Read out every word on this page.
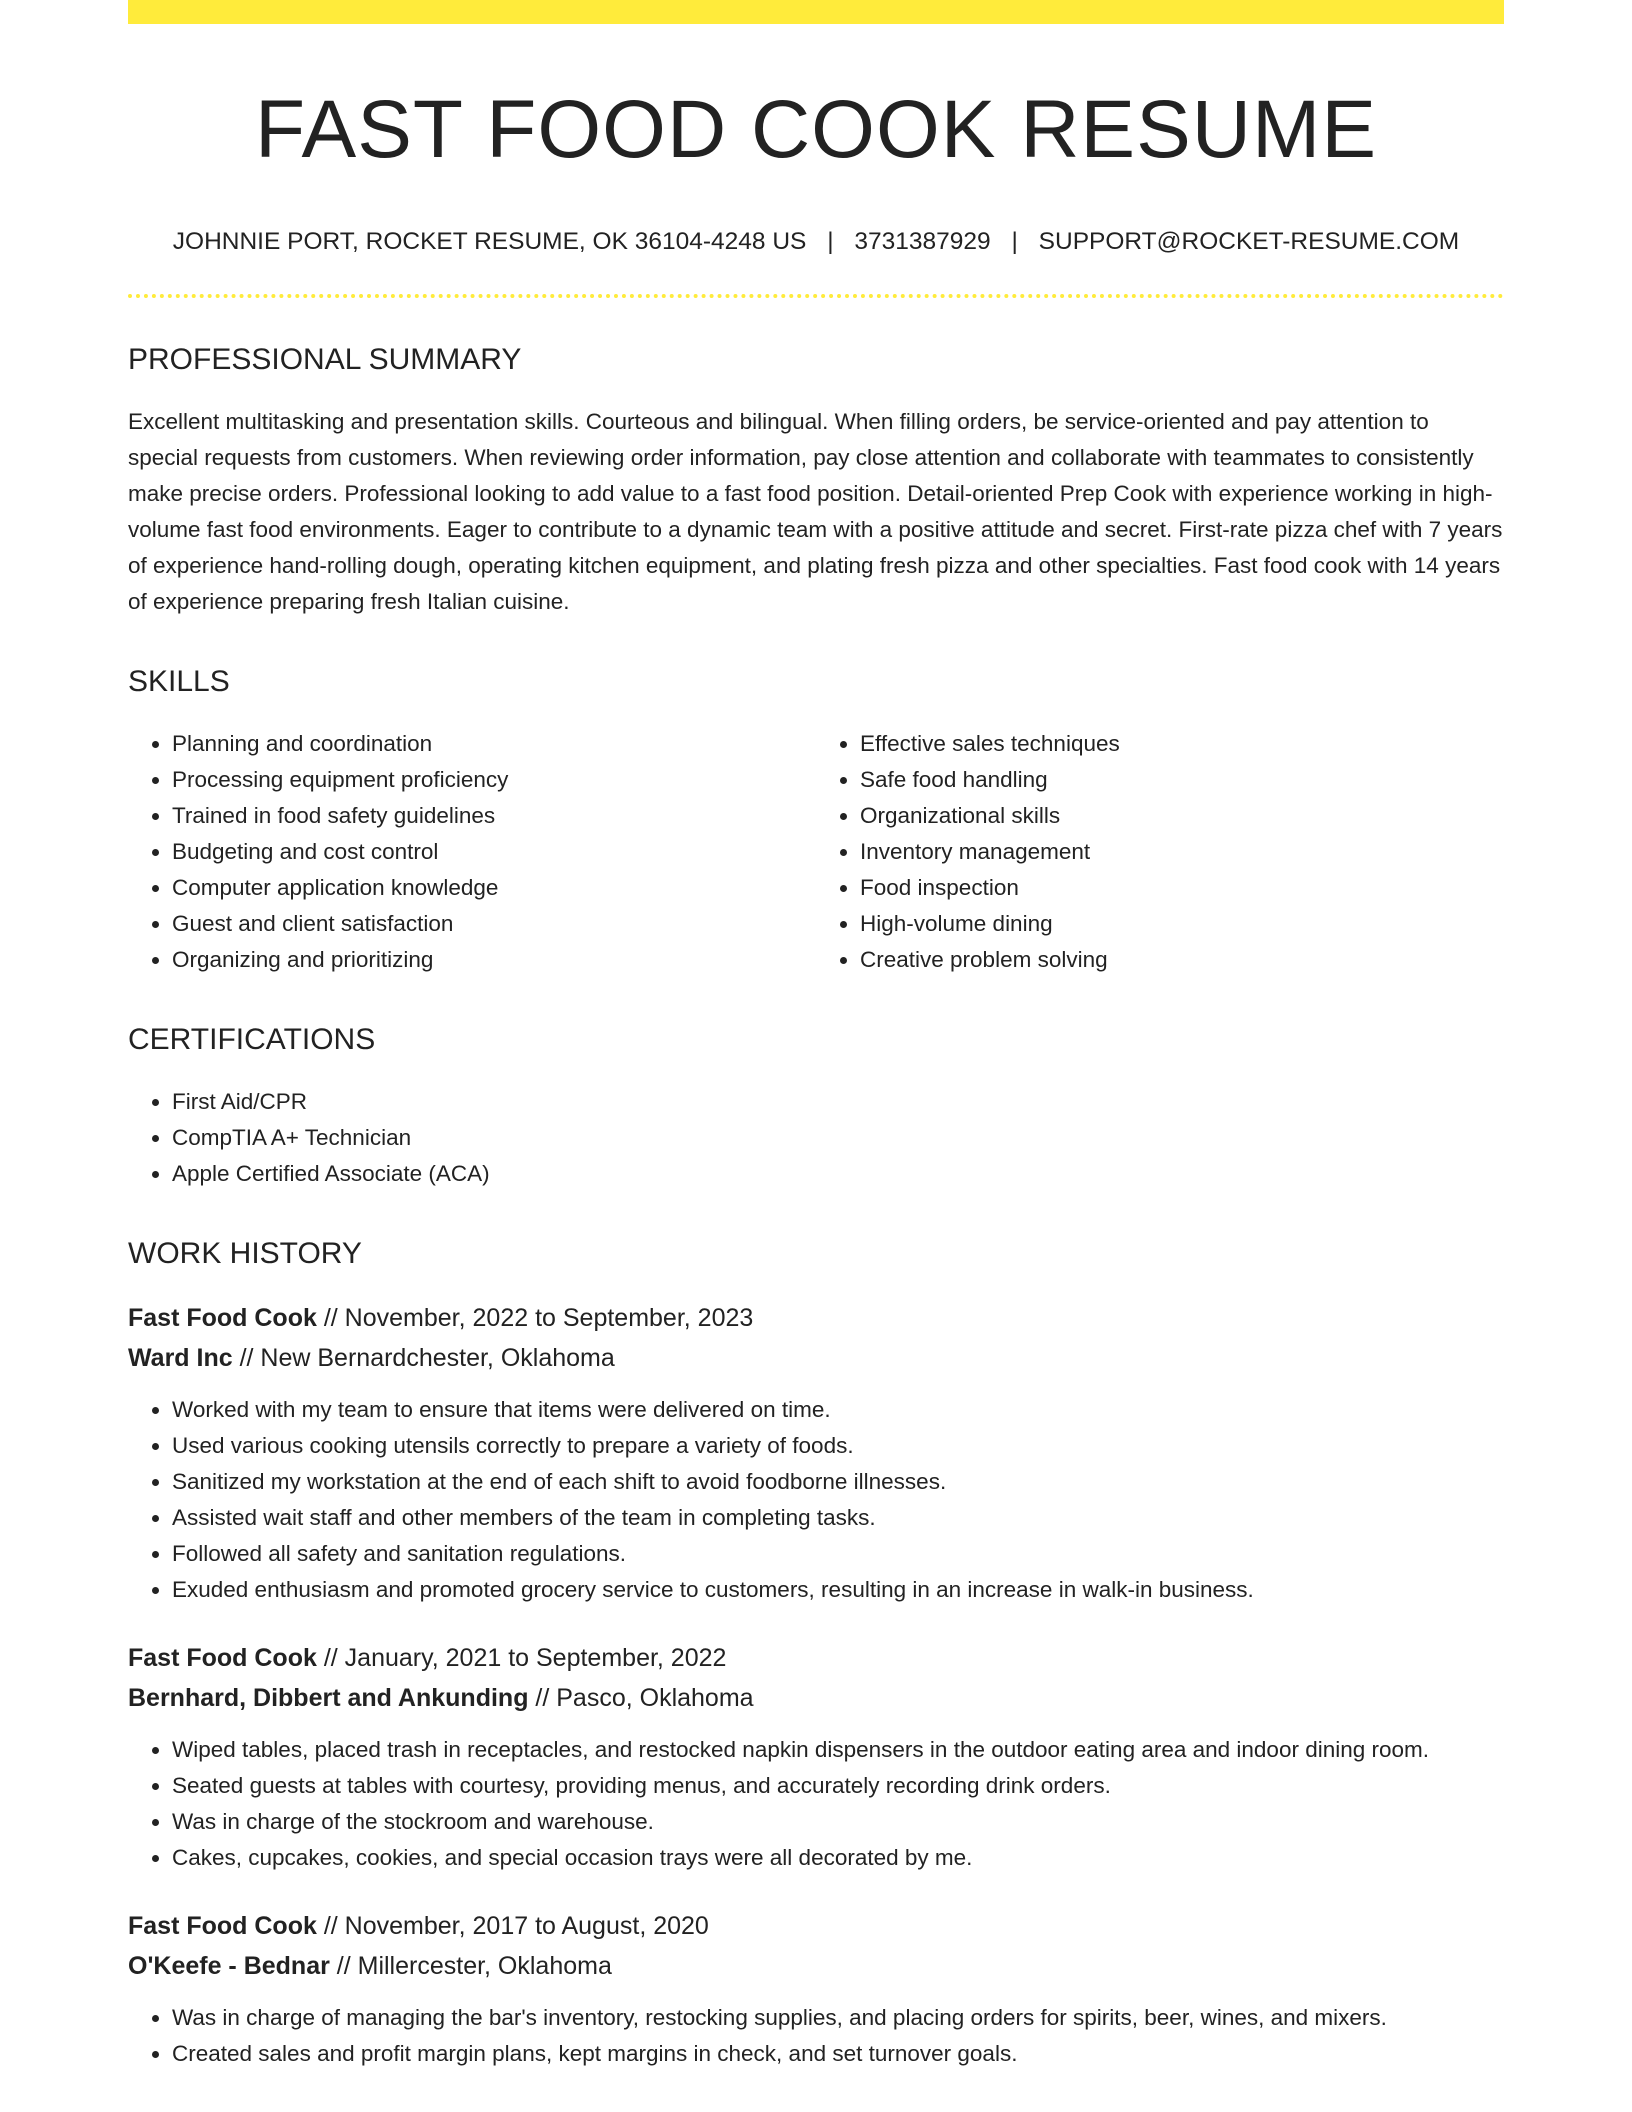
FAST FOOD COOK RESUME
JOHNNIE PORT, ROCKET RESUME, OK 36104-4248 US | 3731387929 | SUPPORT@ROCKET-RESUME.COM
PROFESSIONAL SUMMARY

Excellent multitasking and presentation skills. Courteous and bilingual. When filling orders, be service-oriented and pay attention to special requests from customers. When reviewing order information, pay close attention and collaborate with teammates to consistently make precise orders. Professional looking to add value to a fast food position. Detail-oriented Prep Cook with experience working in high-volume fast food environments. Eager to contribute to a dynamic team with a positive attitude and secret. First-rate pizza chef with 7 years of experience hand-rolling dough, operating kitchen equipment, and plating fresh pizza and other specialties. Fast food cook with 14 years of experience preparing fresh Italian cuisine.

SKILLS
• Planning and coordination
• Processing equipment proficiency
• Trained in food safety guidelines
• Budgeting and cost control
• Computer application knowledge
• Guest and client satisfaction
• Organizing and prioritizing
• Effective sales techniques
• Safe food handling
• Organizational skills
• Inventory management
• Food inspection
• High-volume dining
• Creative problem solving
CERTIFICATIONS
• First Aid/CPR
• CompTIA A+ Technician
• Apple Certified Associate (ACA)
WORK HISTORY
Fast Food Cook // November, 2022 to September, 2023
Ward Inc // New Bernardchester, Oklahoma
• Worked with my team to ensure that items were delivered on time.
• Used various cooking utensils correctly to prepare a variety of foods.
• Sanitized my workstation at the end of each shift to avoid foodborne illnesses.
• Assisted wait staff and other members of the team in completing tasks.
• Followed all safety and sanitation regulations.
• Exuded enthusiasm and promoted grocery service to customers, resulting in an increase in walk-in business.
Fast Food Cook // January, 2021 to September, 2022
Bernhard, Dibbert and Ankunding // Pasco, Oklahoma
• Wiped tables, placed trash in receptacles, and restocked napkin dispensers in the outdoor eating area and indoor dining room.
• Seated guests at tables with courtesy, providing menus, and accurately recording drink orders.
• Was in charge of the stockroom and warehouse.
• Cakes, cupcakes, cookies, and special occasion trays were all decorated by me.
Fast Food Cook // November, 2017 to August, 2020
O'Keefe - Bednar // Millercester, Oklahoma
• Was in charge of managing the bar's inventory, restocking supplies, and placing orders for spirits, beer, wines, and mixers.
• Created sales and profit margin plans, kept margins in check, and set turnover goals.
